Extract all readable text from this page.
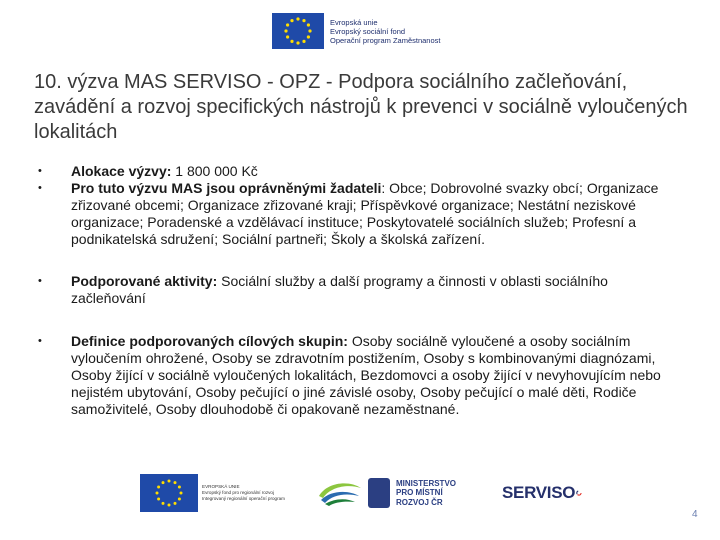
Evropská unie
Evropský sociální fond
Operační program Zaměstnanost
10. výzva MAS SERVISO - OPZ - Podpora sociálního začleňování, zavádění a rozvoj specifických nástrojů k prevenci v sociálně vyloučených lokalitách
•	Alokace výzvy: 1 800 000 Kč
•	Pro tuto výzvu MAS jsou oprávněnými žadateli: Obce; Dobrovolné svazky obcí; Organizace zřizované obcemi; Organizace zřizované kraji; Příspěvkové organizace; Nestátní neziskové organizace; Poradenské a vzdělávací instituce; Poskytovatelé sociálních služeb; Profesní a podnikatelská sdružení; Sociální partneři; Školy a školská zařízení.
•	Podporované aktivity: Sociální služby a další programy a činnosti v oblasti sociálního začleňování
•	Definice podporovaných cílových skupin: Osoby sociálně vyloučené a osoby sociálním vyloučením ohrožené, Osoby se zdravotním postižením, Osoby s kombinovanými diagnózami, Osoby žijící v sociálně vyloučených lokalitách, Bezdomovci a osoby žijící v nevyhovujícím nebo nejistém ubytování, Osoby pečující o jiné závislé osoby, Osoby pečující o malé děti, Rodiče samoživitelé, Osoby dlouhodobě či opakovaně nezaměstnané.
EVROPSKÁ UNIE
Evropský fond pro regionální rozvoj
Integrovaný regionální operační program
MINISTERSTVO
PRO MÍSTNÍ
ROZVOJ ČR
SERVISO
4
